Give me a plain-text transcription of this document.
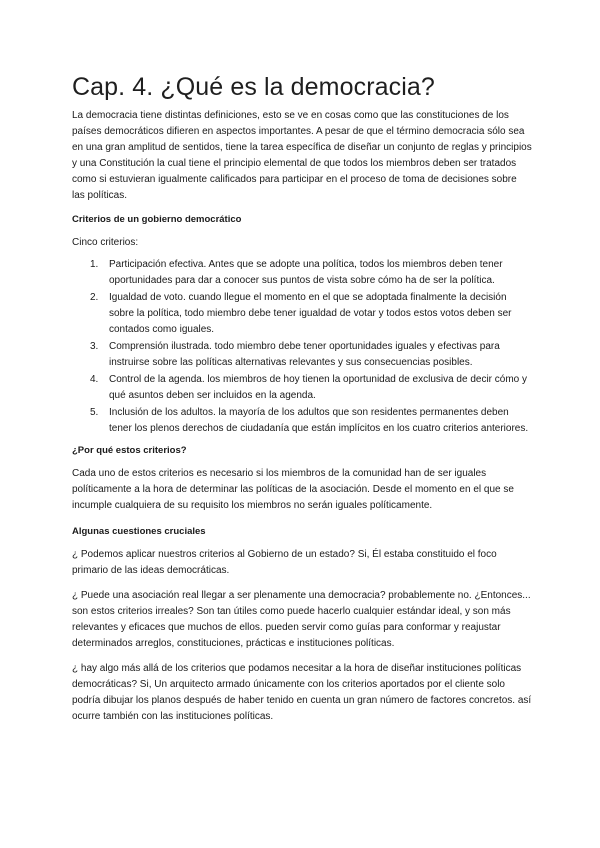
Cap. 4. ¿Qué es la democracia?

La democracia tiene distintas definiciones, esto se ve en cosas como que las constituciones de los países democráticos difieren en aspectos importantes. A pesar de que el término democracia sólo sea en una gran amplitud de sentidos, tiene la tarea específica de diseñar un conjunto de reglas y principios y una Constitución la cual tiene el principio elemental de que todos los miembros deben ser tratados como si estuvieran igualmente calificados para participar en el proceso de toma de decisiones sobre las políticas.

Criterios de un gobierno democrático

Cinco criterios:

1. Participación efectiva. Antes que se adopte una política, todos los miembros deben tener oportunidades para dar a conocer sus puntos de vista sobre cómo ha de ser la política.
2. Igualdad de voto. cuando llegue el momento en el que se adoptada finalmente la decisión sobre la política, todo miembro debe tener igualdad de votar y todos estos votos deben ser contados como iguales.
3. Comprensión ilustrada. todo miembro debe tener oportunidades iguales y efectivas para instruirse sobre las políticas alternativas relevantes y sus consecuencias posibles.
4. Control de la agenda. los miembros de hoy tienen la oportunidad de exclusiva de decir cómo y qué asuntos deben ser incluidos en la agenda.
5. Inclusión de los adultos. la mayoría de los adultos que son residentes permanentes deben tener los plenos derechos de ciudadanía que están implícitos en los cuatro criterios anteriores.

¿Por qué estos criterios?

Cada uno de estos criterios es necesario si los miembros de la comunidad han de ser iguales políticamente a la hora de determinar las políticas de la asociación. Desde el momento en el que se incumple cualquiera de su requisito los miembros no serán iguales políticamente.

Algunas cuestiones cruciales

¿ Podemos aplicar nuestros criterios al Gobierno de un estado? Si, Él estaba constituido el foco primario de las ideas democráticas.

¿ Puede una asociación real llegar a ser plenamente una democracia? probablemente no. ¿Entonces... son estos criterios irreales? Son tan útiles como puede hacerlo cualquier estándar ideal, y son más relevantes y eficaces que muchos de ellos. pueden servir como guías para conformar y reajustar determinados arreglos, constituciones, prácticas e instituciones políticas.

¿ hay algo más allá de los criterios que podamos necesitar a la hora de diseñar instituciones políticas democráticas? Si, Un arquitecto armado únicamente con los criterios aportados por el cliente solo podría dibujar los planos después de haber tenido en cuenta un gran número de factores concretos. así ocurre también con las instituciones políticas.
